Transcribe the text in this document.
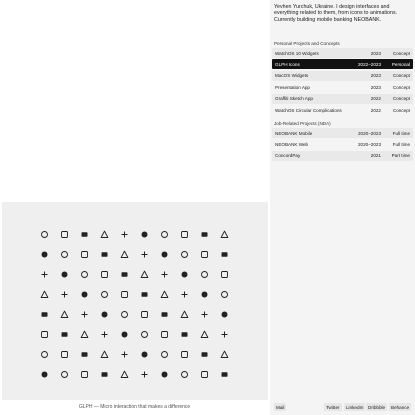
GLPH — Micro interaction that makes a difference

Yevhen Yurchuk, Ukraine. I design interfaces and everything related to them, from icons to animations. Currently building mobile banking NEOBANK.

Personal Projects and Concepts
WatchOS 10 Widgets	2023	Concept
GLPH Icons	2022–2023 Personal
MacOS Widgets	2023	Concept
Presentation App	2023	Concept
Graffiti Sketch App	2022	Concept
WatchOS Circular Complications	2022	Concept
Job-Related Projects (NDA)
NEOBANK Mobile	2020–2023	Full time
NEOBANK Web	2020–2023	Full time
ConcordPay	2021 Part time
Mail	Twitter	LinkedIn	Dribbble	Behance
